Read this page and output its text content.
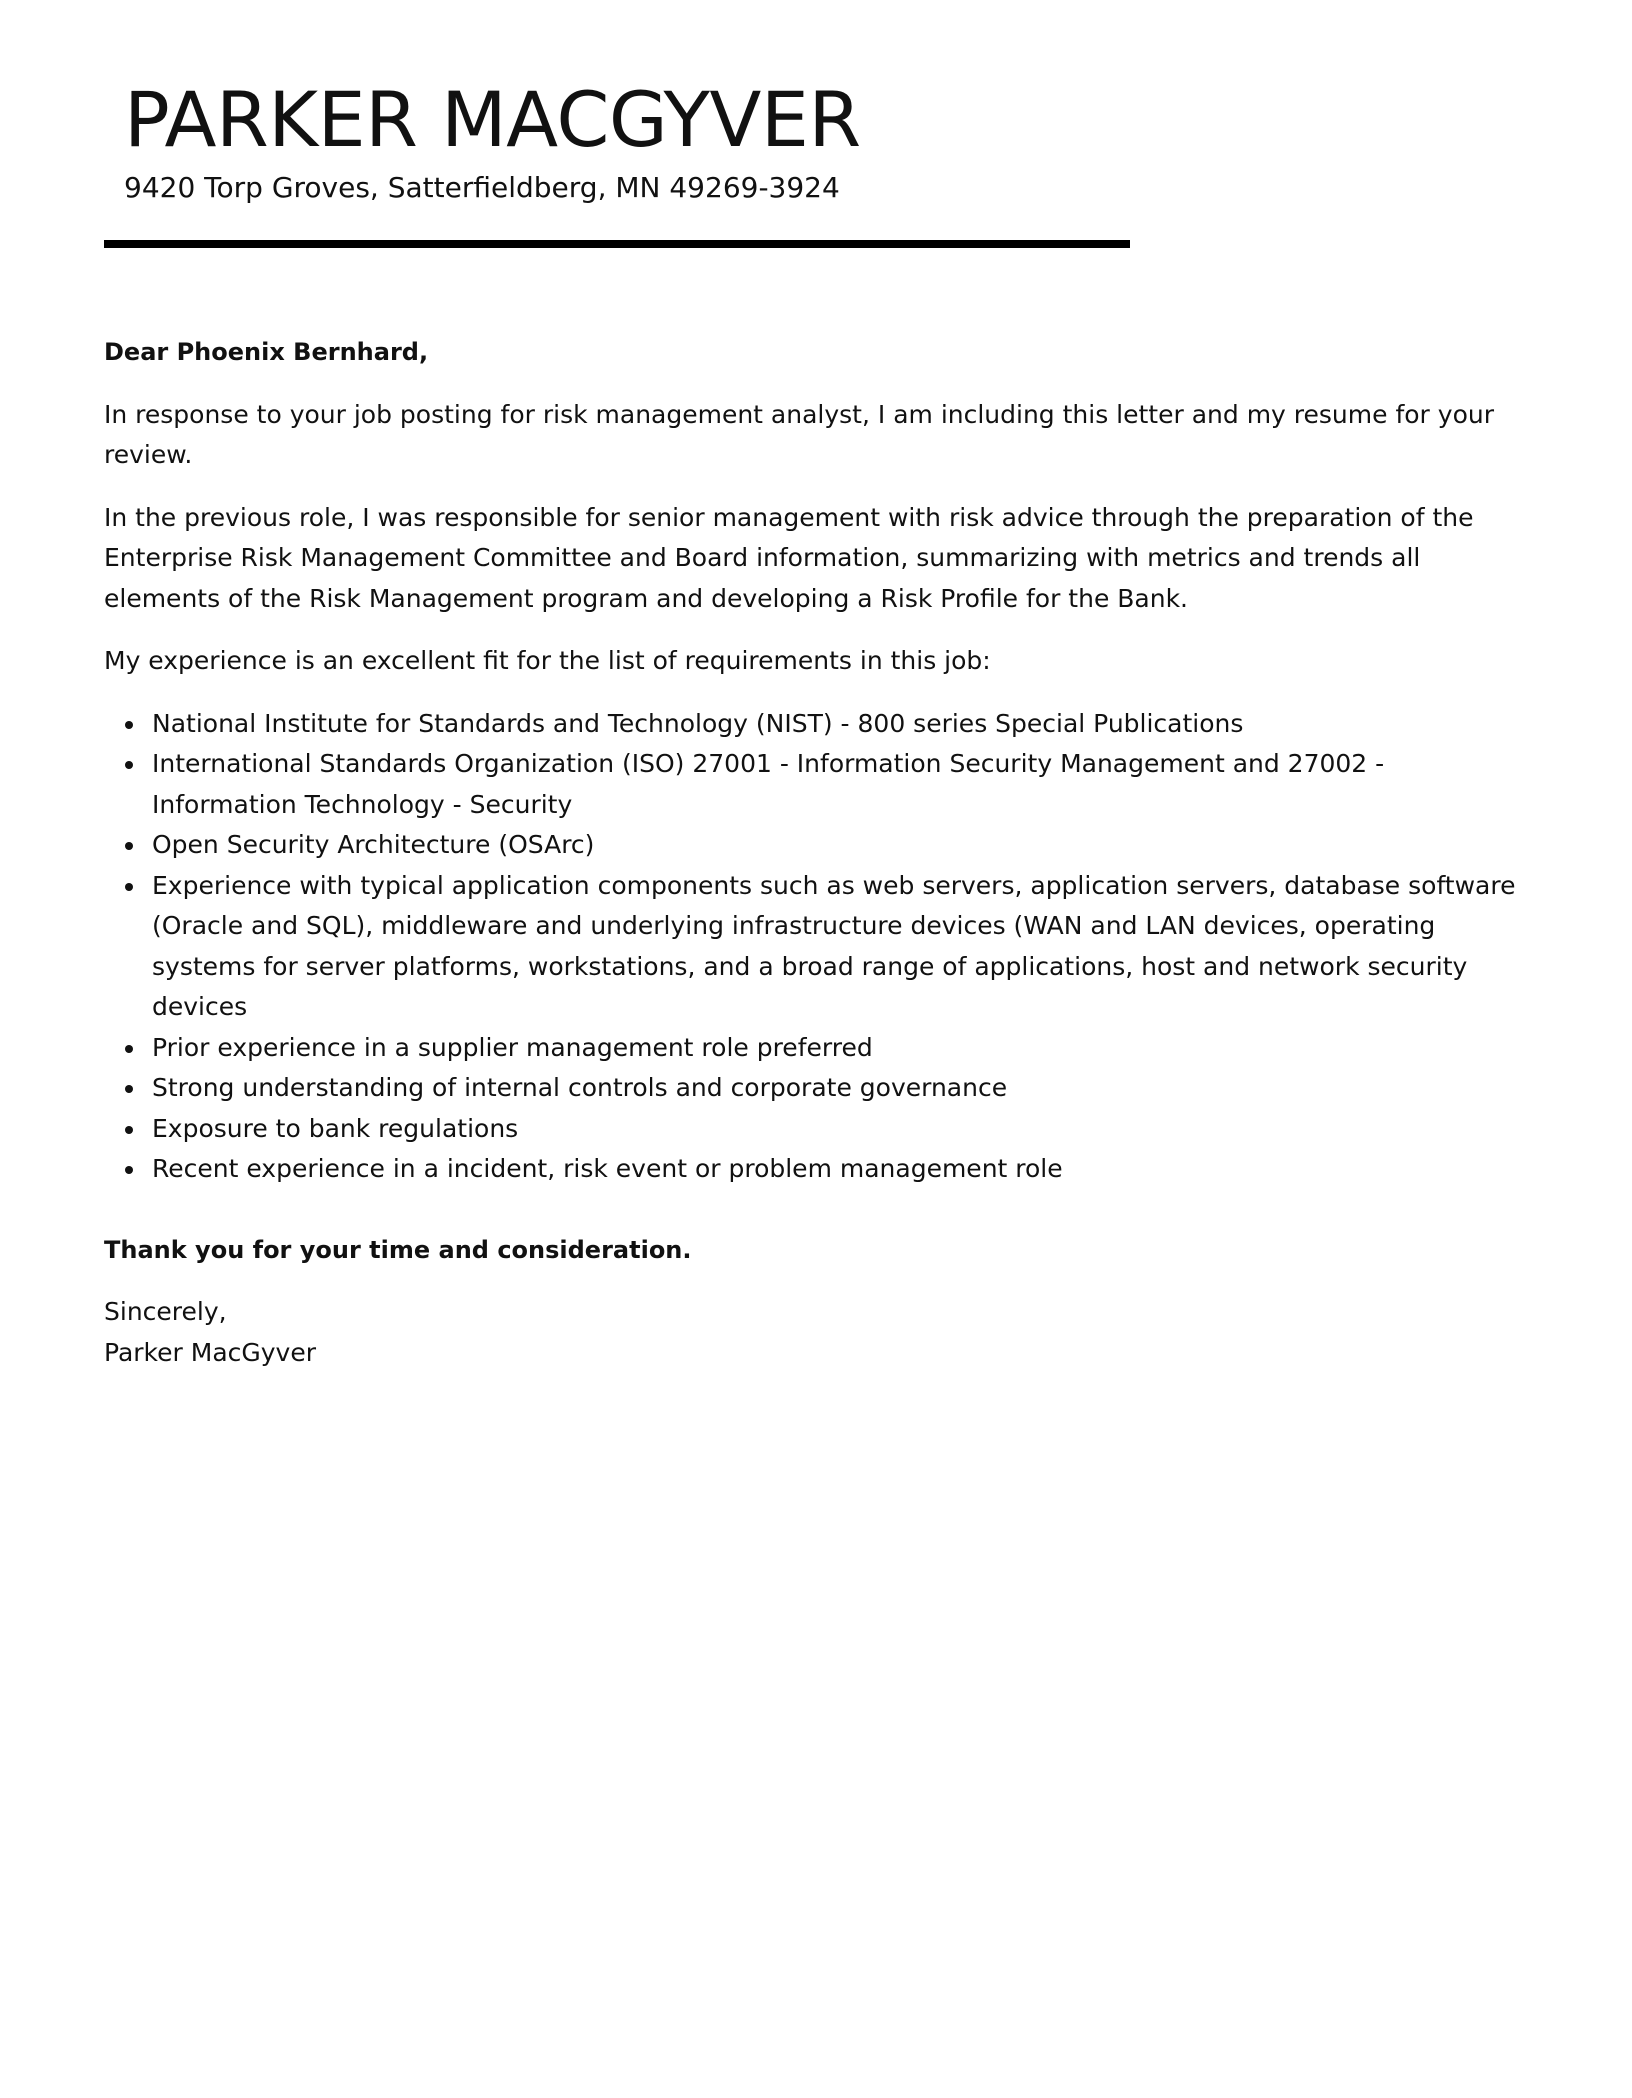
PARKER MACGYVER
9420 Torp Groves, Satterfieldberg, MN 49269-3924

Dear Phoenix Bernhard,

In response to your job posting for risk management analyst, I am including this letter and my resume for your review.

In the previous role, I was responsible for senior management with risk advice through the preparation of the Enterprise Risk Management Committee and Board information, summarizing with metrics and trends all elements of the Risk Management program and developing a Risk Profile for the Bank.

My experience is an excellent fit for the list of requirements in this job:

National Institute for Standards and Technology (NIST) - 800 series Special Publications
International Standards Organization (ISO) 27001 - Information Security Management and 27002 - Information Technology - Security
Open Security Architecture (OSArc)
Experience with typical application components such as web servers, application servers, database software (Oracle and SQL), middleware and underlying infrastructure devices (WAN and LAN devices, operating systems for server platforms, workstations, and a broad range of applications, host and network security devices
Prior experience in a supplier management role preferred
Strong understanding of internal controls and corporate governance
Exposure to bank regulations
Recent experience in a incident, risk event or problem management role

Thank you for your time and consideration.

Sincerely,

Parker MacGyver
